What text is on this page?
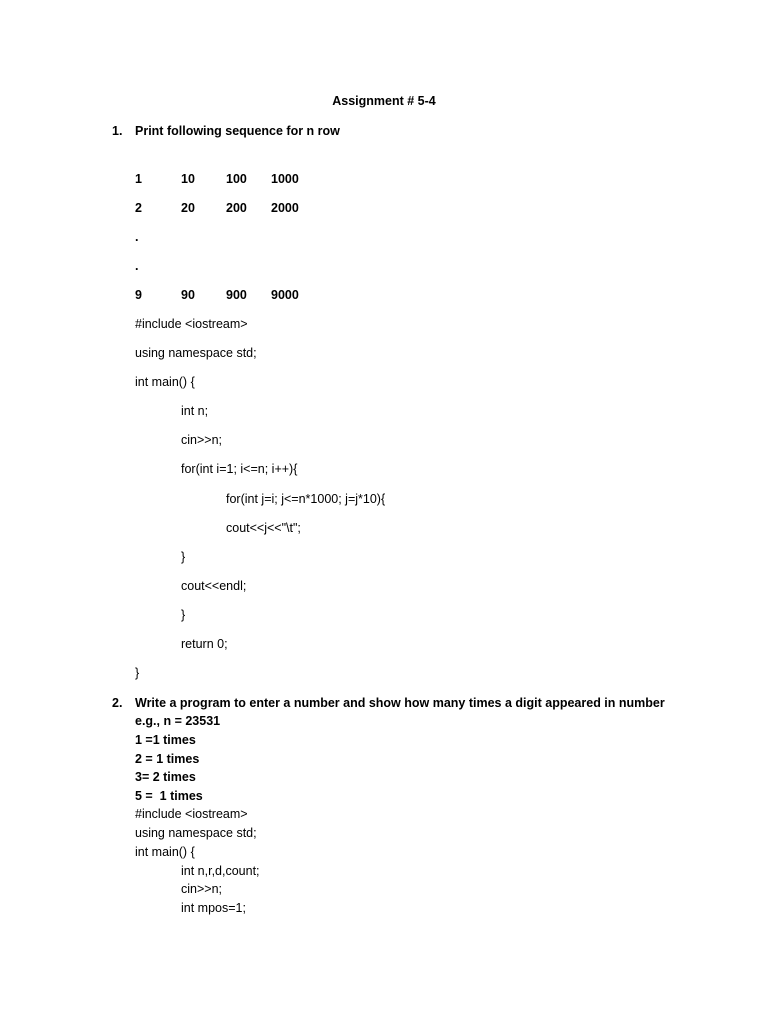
Assignment # 5-4
1. Print following sequence for n row
1	10 100 1000
2	20 200 2000
.
.
9	90 900 9000
#include <iostream>
using namespace std;
int main() {
int n;
cin>>n;
for(int i=1; i<=n; i++){
for(int j=i; j<=n*1000; j=j*10){
cout<<j<<"\t";
}
cout<<endl;
}
return 0;
}
2. Write a program to enter a number and show how many times a digit appeared in number
e.g., n = 23531
1 =1 times
2 = 1 times
3= 2 times
5 =  1 times
#include <iostream>
using namespace std;
int main() {
int n,r,d,count;
cin>>n;
int mpos=1;
